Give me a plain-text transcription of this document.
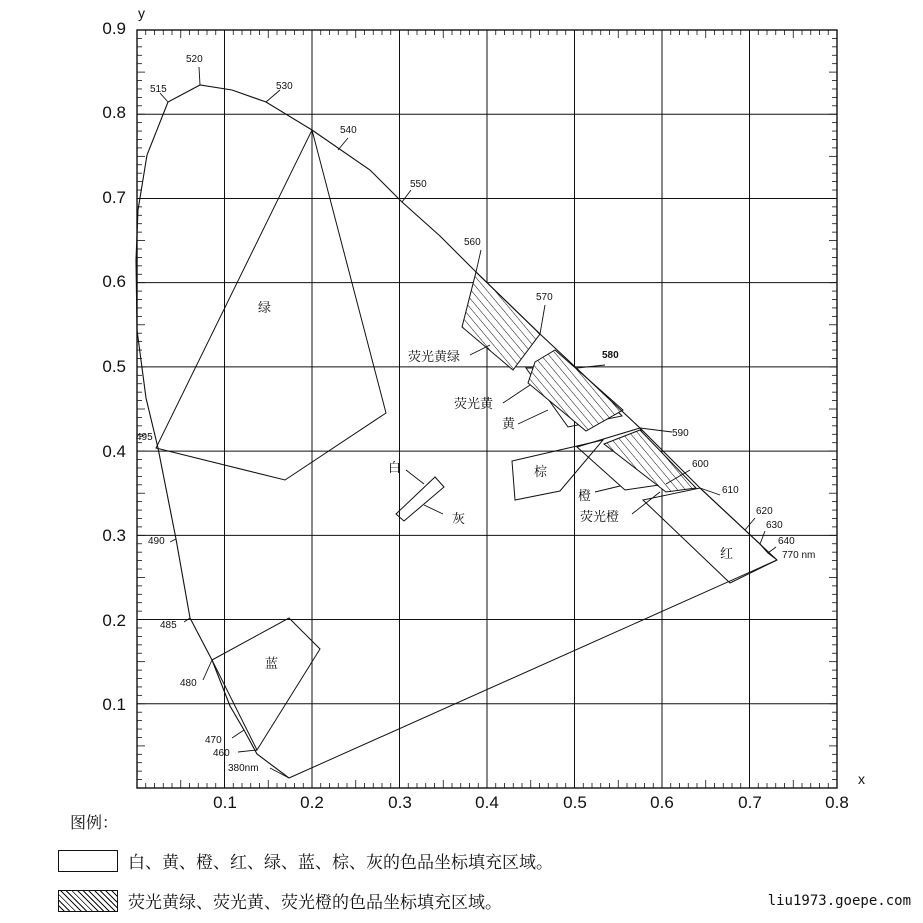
0.1	0.2	0.3	0.4	0.5	0.6	0.7	0.8
0.9
0.8
0.7
0.6
0.5
0.4
0.3
0.2
0.1
y
x
515
520
530
540
550
560
570
580
590
600
610
620
630
640
770 nm
495
490
485
480
470
460
380nm
绿
蓝
白
灰
黄
棕
橙
红
荧光黄绿
荧光黄
荧光橙
图例：
白、黄、橙、红、绿、蓝、棕、灰的色品坐标填充区域。
荧光黄绿、荧光黄、荧光橙的色品坐标填充区域。	liu1973.goepe.com
